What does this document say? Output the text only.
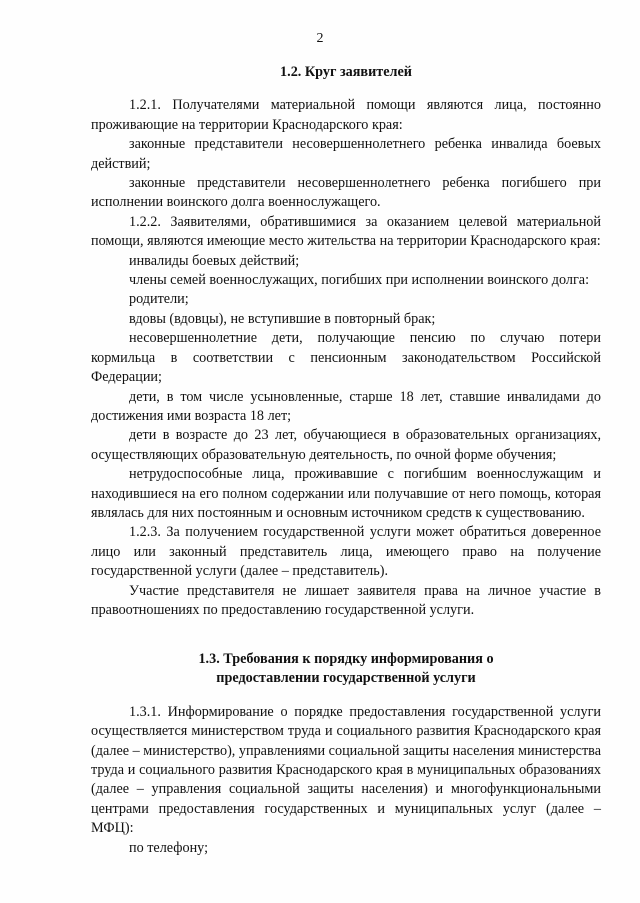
2
1.2. Круг заявителей

1.2.1. Получателями материальной помощи являются лица, постоянно проживающие на территории Краснодарского края:

законные представители несовершеннолетнего ребенка инвалида боевых действий;

законные представители несовершеннолетнего ребенка погибшего при исполнении воинского долга военнослужащего.

1.2.2. Заявителями, обратившимися за оказанием целевой материальной помощи, являются имеющие место жительства на территории Краснодарского края:

инвалиды боевых действий;

члены семей военнослужащих, погибших при исполнении воинского долга:

родители;

вдовы (вдовцы), не вступившие в повторный брак;

несовершеннолетние дети, получающие пенсию по случаю потери кормильца в соответствии с пенсионным законодательством Российской Федерации;

дети, в том числе усыновленные, старше 18 лет, ставшие инвалидами до достижения ими возраста 18 лет;

дети в возрасте до 23 лет, обучающиеся в образовательных организациях, осуществляющих образовательную деятельность, по очной форме обучения;

нетрудоспособные лица, проживавшие с погибшим военнослужащим и находившиеся на его полном содержании или получавшие от него помощь, которая являлась для них постоянным и основным источником средств к существованию.

1.2.3. За получением государственной услуги может обратиться доверенное лицо или законный представитель лица, имеющего право на получение государственной услуги (далее – представитель).

Участие представителя не лишает заявителя права на личное участие в правоотношениях по предоставлению государственной услуги.

1.3. Требования к порядку информирования о
предоставлении государственной услуги

1.3.1. Информирование о порядке предоставления государственной услуги осуществляется министерством труда и социального развития Краснодарского края (далее – министерство), управлениями социальной защиты населения министерства труда и социального развития Краснодарского края в муниципальных образованиях (далее – управления социальной защиты населения) и многофункциональными центрами предоставления государственных и муниципальных услуг (далее – МФЦ):

по телефону;
